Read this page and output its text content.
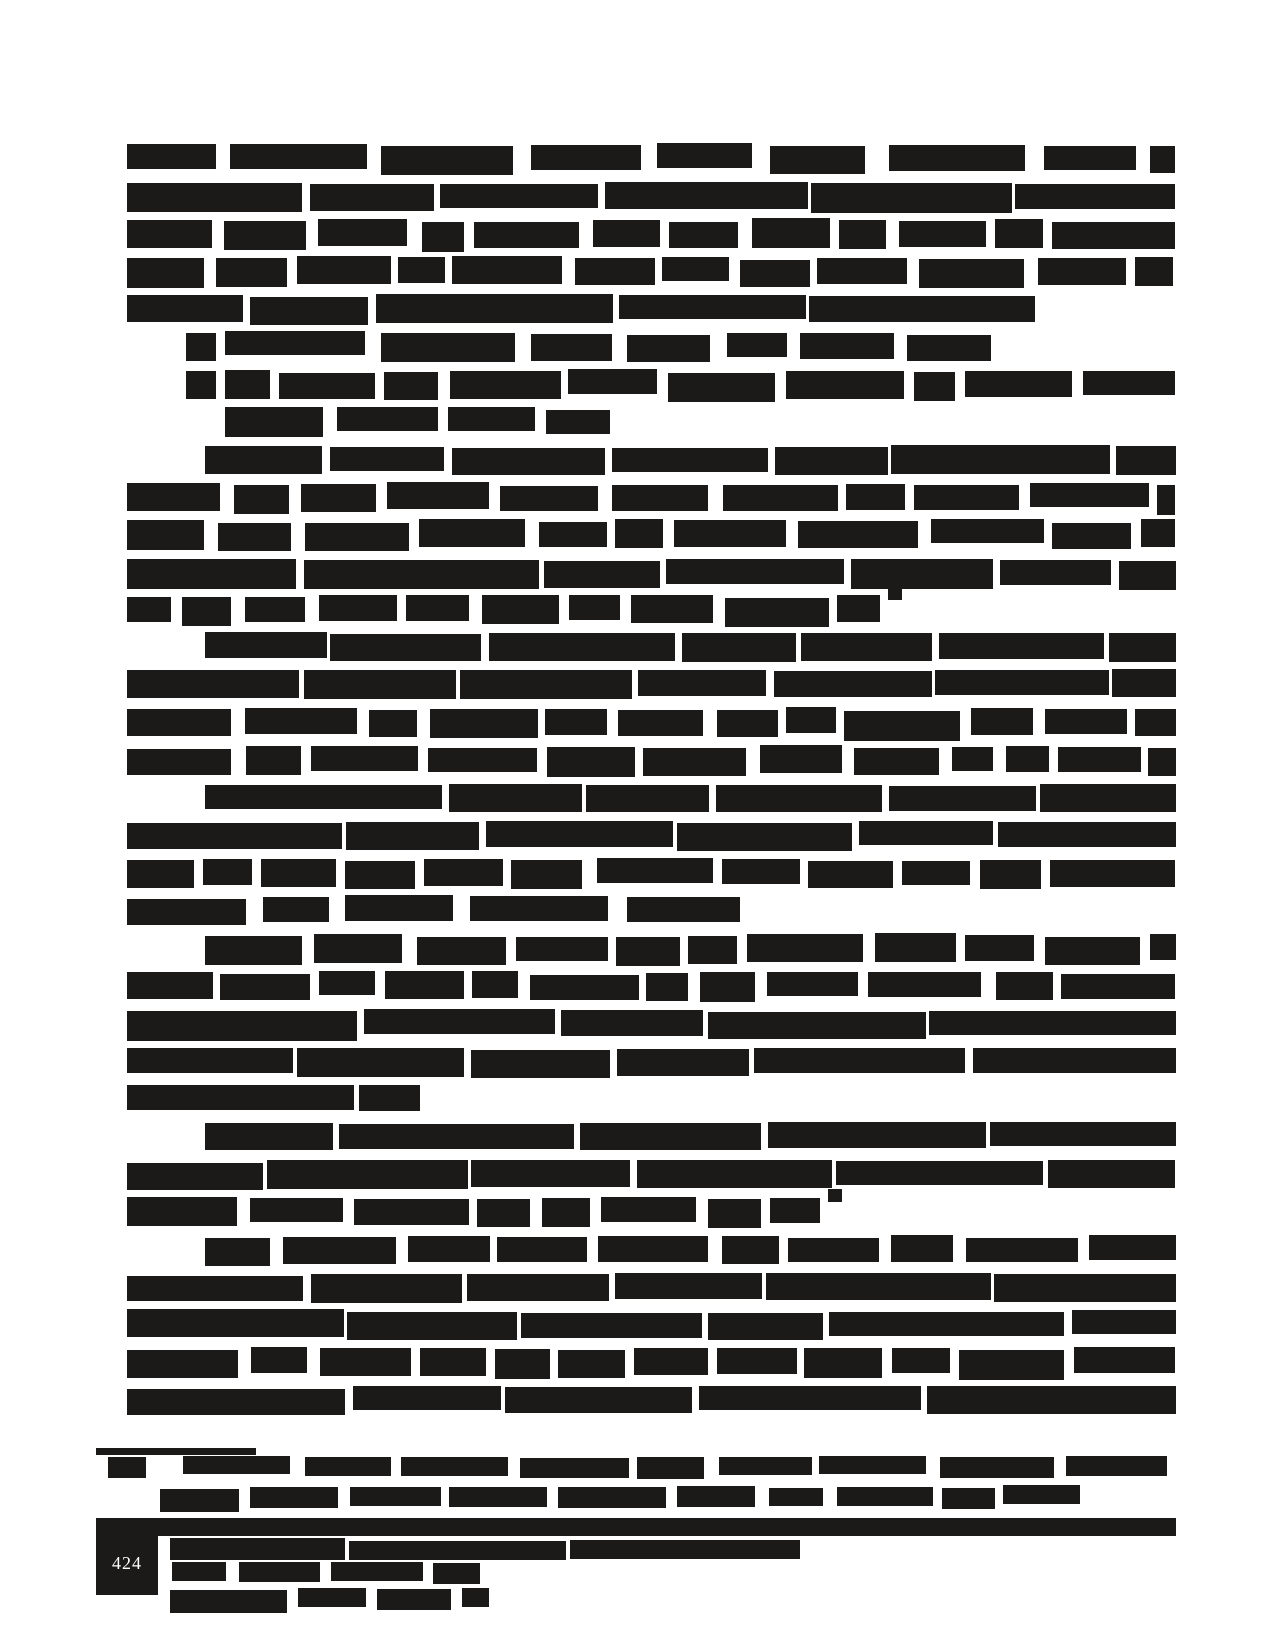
424
